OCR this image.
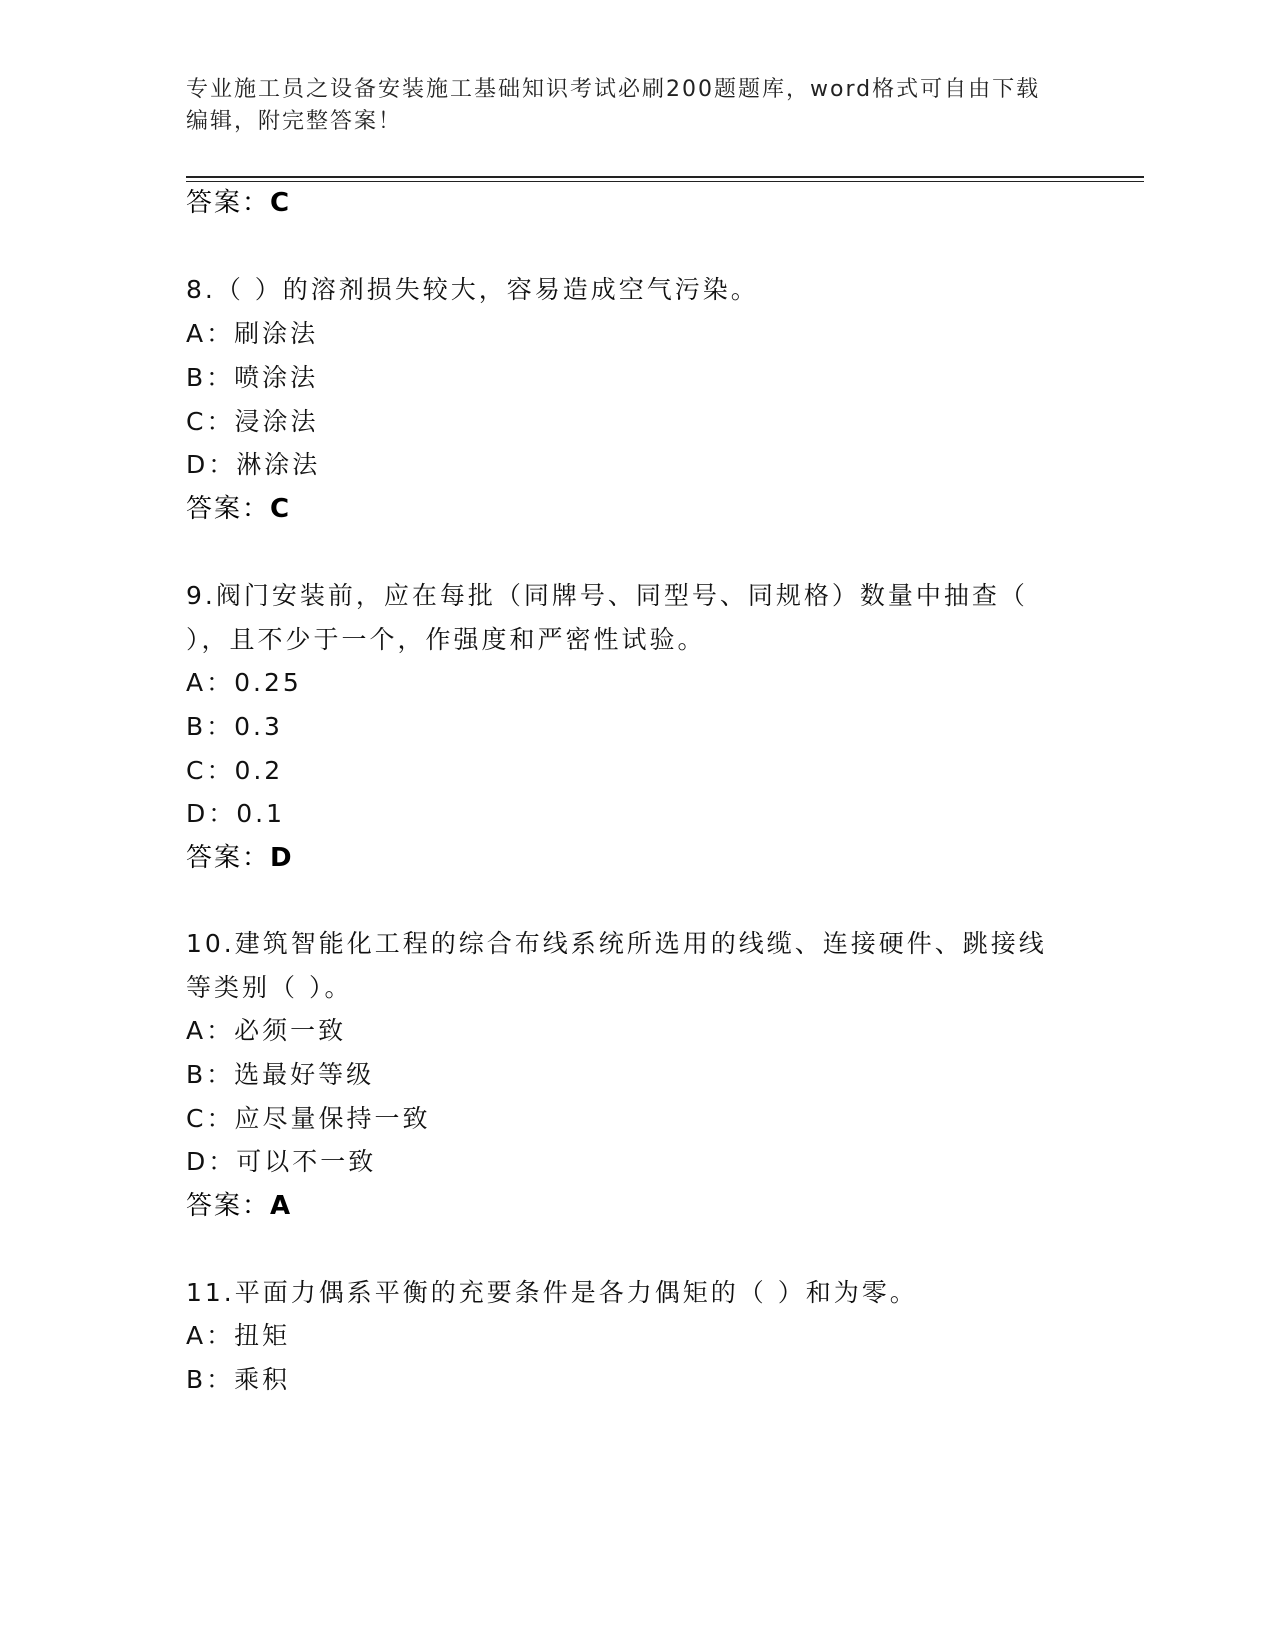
专业施工员之设备安装施工基础知识考试必刷200题题库，word格式可自由下载
编辑，附完整答案！
答案：C
8.（ ）的溶剂损失较大，容易造成空气污染。
A：刷涂法
B：喷涂法
C：浸涂法
D：淋涂法
答案：C
9.阀门安装前，应在每批（同牌号、同型号、同规格）数量中抽查（
），且不少于一个，作强度和严密性试验。
A：0.25
B：0.3
C：0.2
D：0.1
答案：D
10.建筑智能化工程的综合布线系统所选用的线缆、连接硬件、跳接线
等类别（ ）。
A：必须一致
B：选最好等级
C：应尽量保持一致
D：可以不一致
答案：A
11.平面力偶系平衡的充要条件是各力偶矩的（ ）和为零。
A：扭矩
B：乘积
